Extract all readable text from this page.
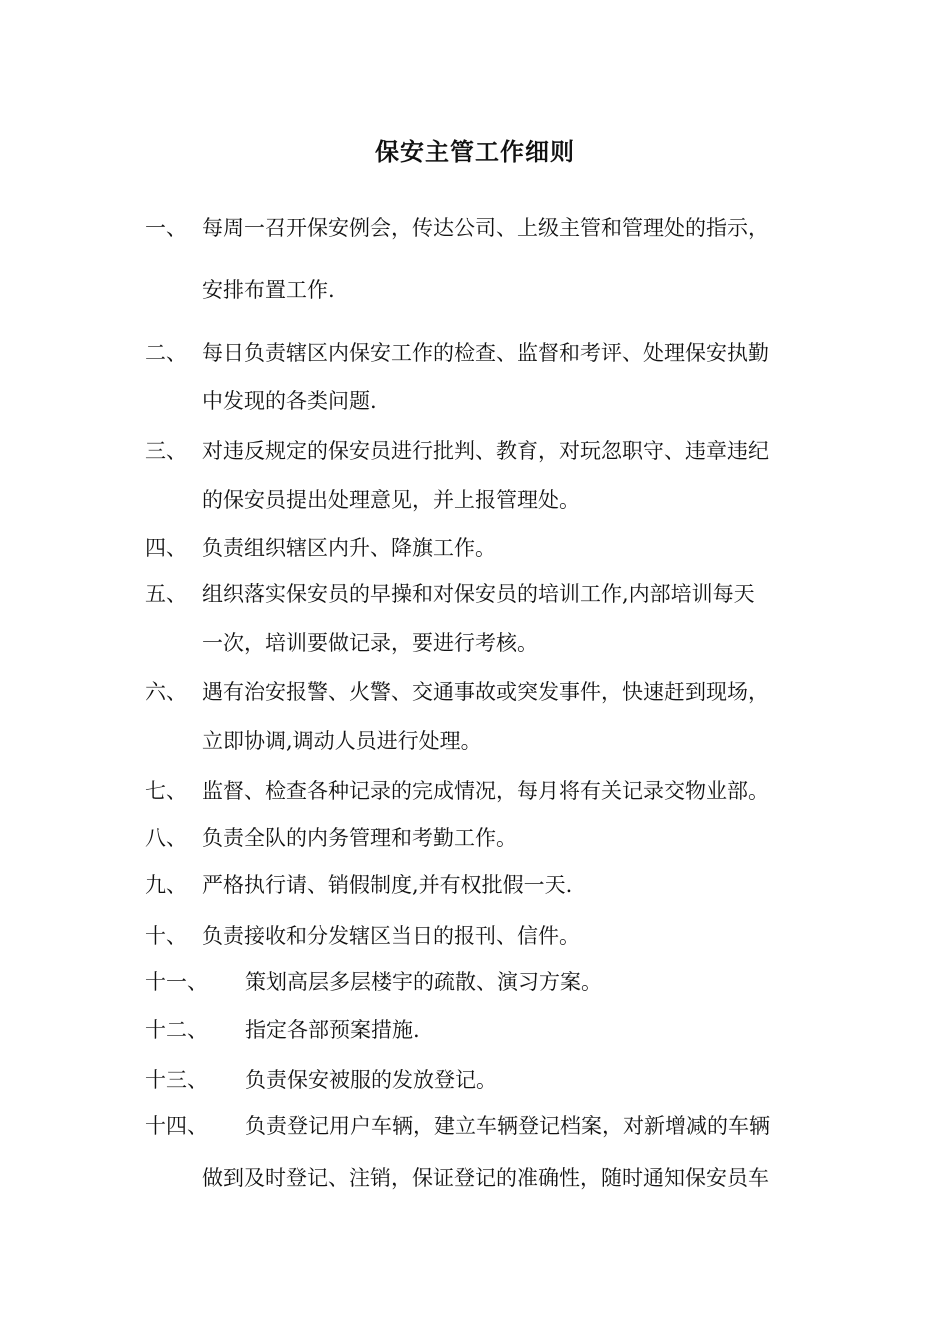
保安主管工作细则
一、 每周一召开保安例会，传达公司、上级主管和管理处的指示，
安排布置工作.
二、 每日负责辖区内保安工作的检查、监督和考评、处理保安执勤
中发现的各类问题.
三、 对违反规定的保安员进行批判、教育，对玩忽职守、违章违纪
的保安员提出处理意见，并上报管理处。
四、 负责组织辖区内升、降旗工作。
五、 组织落实保安员的早操和对保安员的培训工作,内部培训每天
一次，培训要做记录，要进行考核。
六、 遇有治安报警、火警、交通事故或突发事件，快速赶到现场，
立即协调,调动人员进行处理。
七、 监督、检查各种记录的完成情况，每月将有关记录交物业部。
八、 负责全队的内务管理和考勤工作。
九、 严格执行请、销假制度,并有权批假一天.
十、 负责接收和分发辖区当日的报刊、信件。
十一、 策划高层多层楼宇的疏散、演习方案。
十二、 指定各部预案措施.
十三、 负责保安被服的发放登记。
十四、 负责登记用户车辆，建立车辆登记档案，对新增减的车辆
做到及时登记、注销，保证登记的准确性，随时通知保安员车
